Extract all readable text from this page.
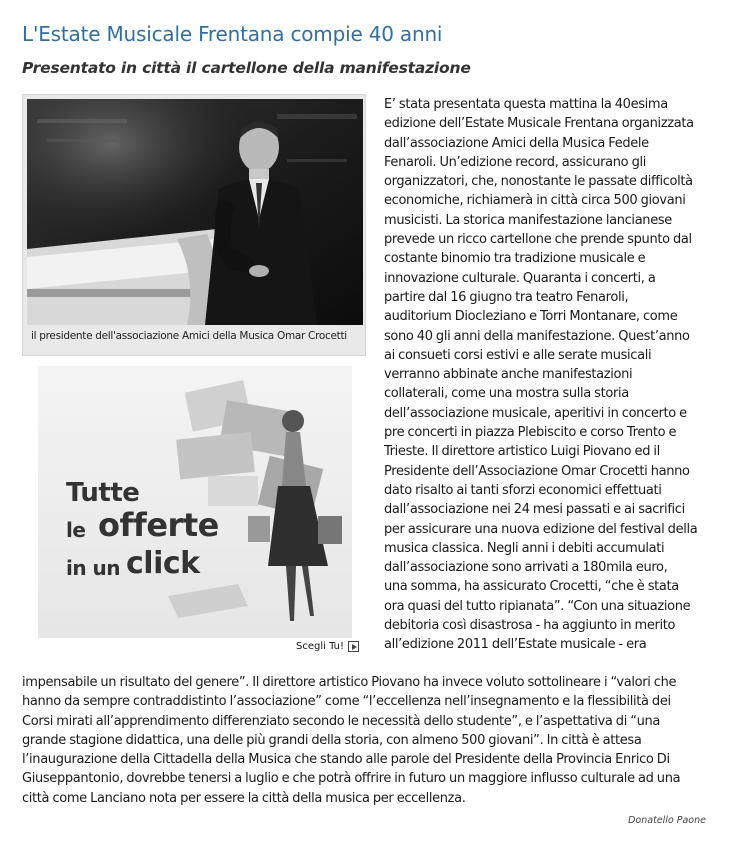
L'Estate Musicale Frentana compie 40 anni
Presentato in città il cartellone della manifestazione
il presidente dell'associazione Amici della Musica Omar Crocetti
Tutte
le offerte
in un click
Scegli Tu!
E’ stata presentata questa mattina la 40esima
edizione dell’Estate Musicale Frentana organizzata
dall’associazione Amici della Musica Fedele
Fenaroli. Un’edizione record, assicurano gli
organizzatori, che, nonostante le passate difficoltà
economiche, richiamerà in città circa 500 giovani
musicisti. La storica manifestazione lancianese
prevede un ricco cartellone che prende spunto dal
costante binomio tra tradizione musicale e
innovazione culturale. Quaranta i concerti, a
partire dal 16 giugno tra teatro Fenaroli,
auditorium Diocleziano e Torri Montanare, come
sono 40 gli anni della manifestazione. Quest’anno
ai consueti corsi estivi e alle serate musicali
verranno abbinate anche manifestazioni
collaterali, come una mostra sulla storia
dell’associazione musicale, aperitivi in concerto e
pre concerti in piazza Plebiscito e corso Trento e
Trieste. Il direttore artistico Luigi Piovano ed il
Presidente dell’Associazione Omar Crocetti hanno
dato risalto ai tanti sforzi economici effettuati
dall’associazione nei 24 mesi passati e ai sacrifici
per assicurare una nuova edizione del festival della
musica classica. Negli anni i debiti accumulati
dall’associazione sono arrivati a 180mila euro,
una somma, ha assicurato Crocetti, “che è stata
ora quasi del tutto ripianata”. “Con una situazione
debitoria così disastrosa - ha aggiunto in merito
all’edizione 2011 dell’Estate musicale - era
impensabile un risultato del genere”. Il direttore artistico Piovano ha invece voluto sottolineare i “valori che
hanno da sempre contraddistinto l’associazione” come “l’eccellenza nell’insegnamento e la flessibilità dei
Corsi mirati all’apprendimento differenziato secondo le necessità dello studente”, e l’aspettativa di “una
grande stagione didattica, una delle più grandi della storia, con almeno 500 giovani”. In città è attesa
l’inaugurazione della Cittadella della Musica che stando alle parole del Presidente della Provincia Enrico Di
Giuseppantonio, dovrebbe tenersi a luglio e che potrà offrire in futuro un maggiore influsso culturale ad una
città come Lanciano nota per essere la città della musica per eccellenza.
Donatello Paone
